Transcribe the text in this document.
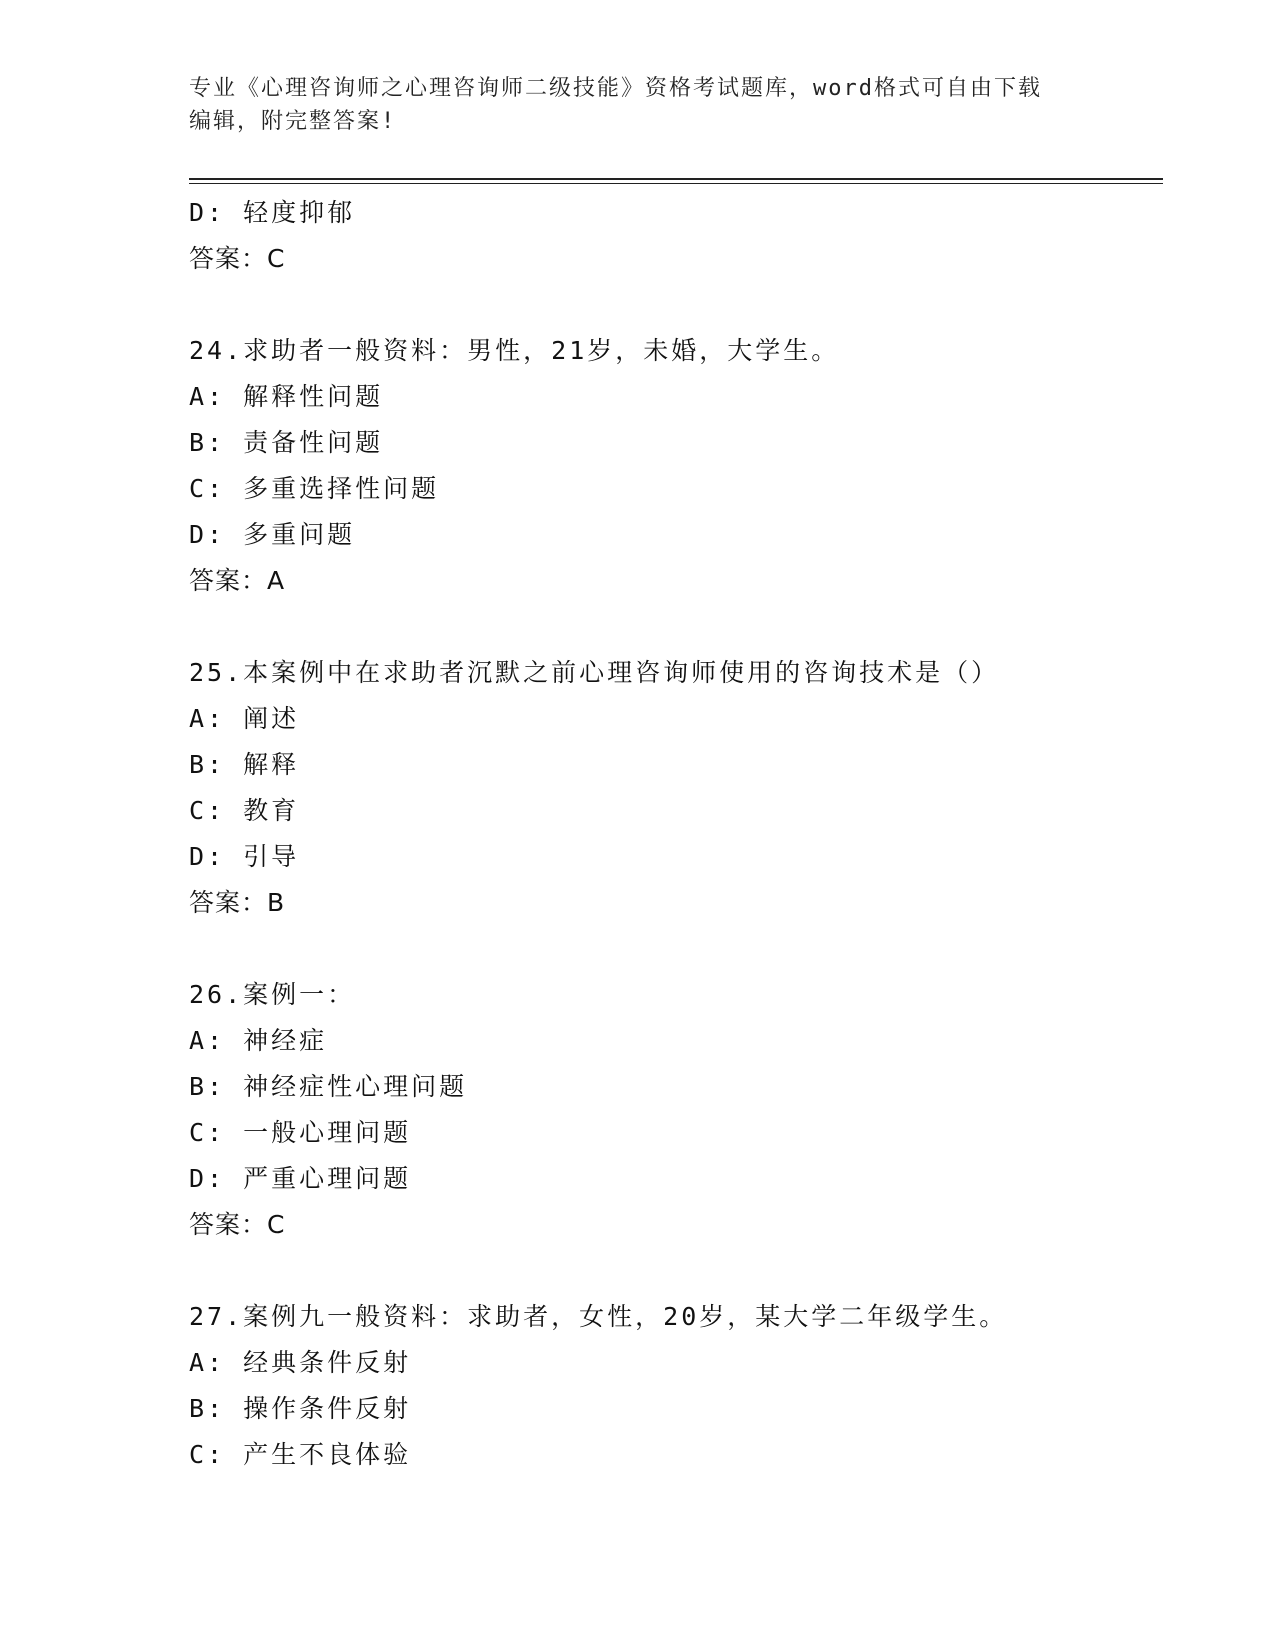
专业《心理咨询师之心理咨询师二级技能》资格考试题库，word格式可自由下载
编辑，附完整答案!
D: 轻度抑郁
答案：C
24.求助者一般资料：男性，21岁，未婚，大学生。
A: 解释性问题
B: 责备性问题
C: 多重选择性问题
D: 多重问题
答案：A
25.本案例中在求助者沉默之前心理咨询师使用的咨询技术是（）
A: 阐述
B: 解释
C: 教育
D: 引导
答案：B
26.案例一：
A: 神经症
B: 神经症性心理问题
C: 一般心理问题
D: 严重心理问题
答案：C
27.案例九一般资料：求助者，女性，20岁，某大学二年级学生。
A: 经典条件反射
B: 操作条件反射
C: 产生不良体验
